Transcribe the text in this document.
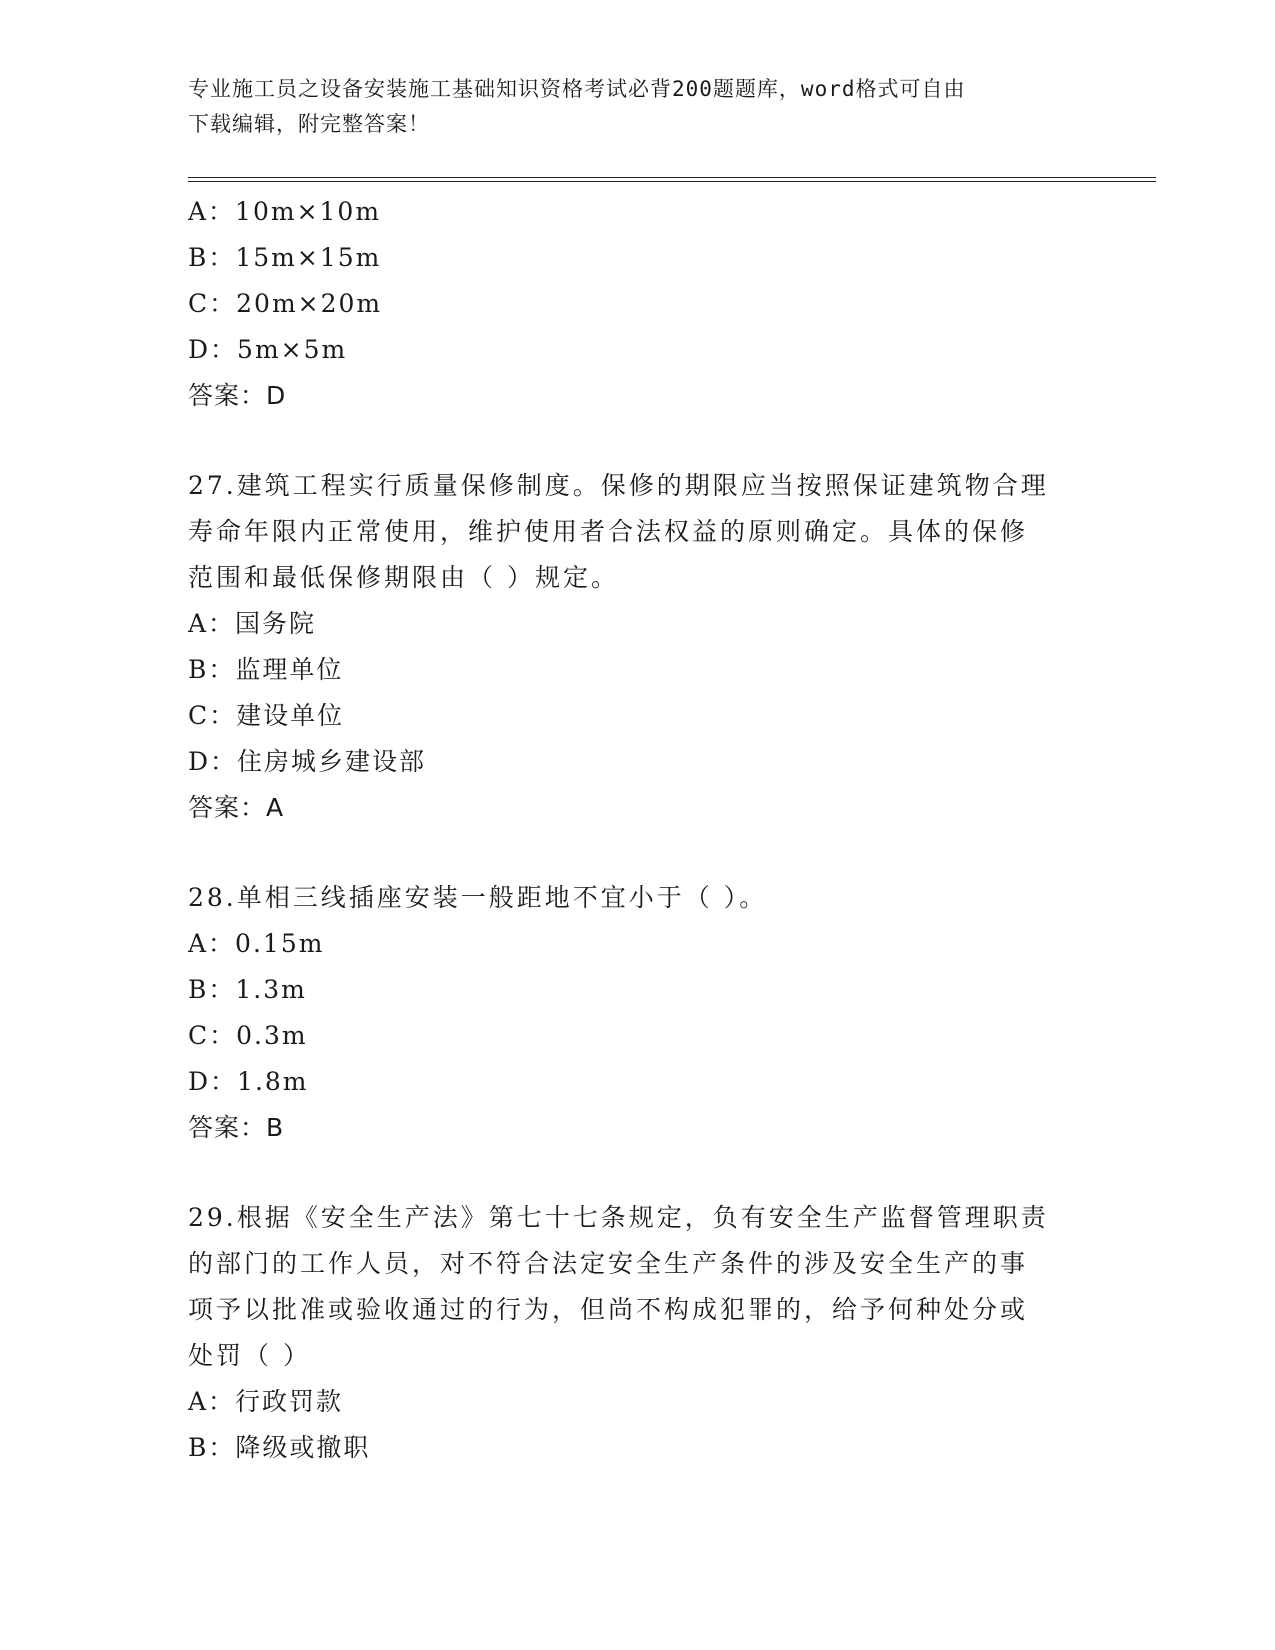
专业施工员之设备安装施工基础知识资格考试必背200题题库，word格式可自由
下载编辑，附完整答案！
A：10m×10m
B：15m×15m
C：20m×20m
D：5m×5m
答案：D
27.建筑工程实行质量保修制度。保修的期限应当按照保证建筑物合理
寿命年限内正常使用，维护使用者合法权益的原则确定。具体的保修
范围和最低保修期限由（ ）规定。
A：国务院
B：监理单位
C：建设单位
D：住房城乡建设部
答案：A
28.单相三线插座安装一般距地不宜小于（ ）。
A：0.15m
B：1.3m
C：0.3m
D：1.8m
答案：B
29.根据《安全生产法》第七十七条规定，负有安全生产监督管理职责
的部门的工作人员，对不符合法定安全生产条件的涉及安全生产的事
项予以批准或验收通过的行为，但尚不构成犯罪的，给予何种处分或
处罚（ ）
A：行政罚款
B：降级或撤职
